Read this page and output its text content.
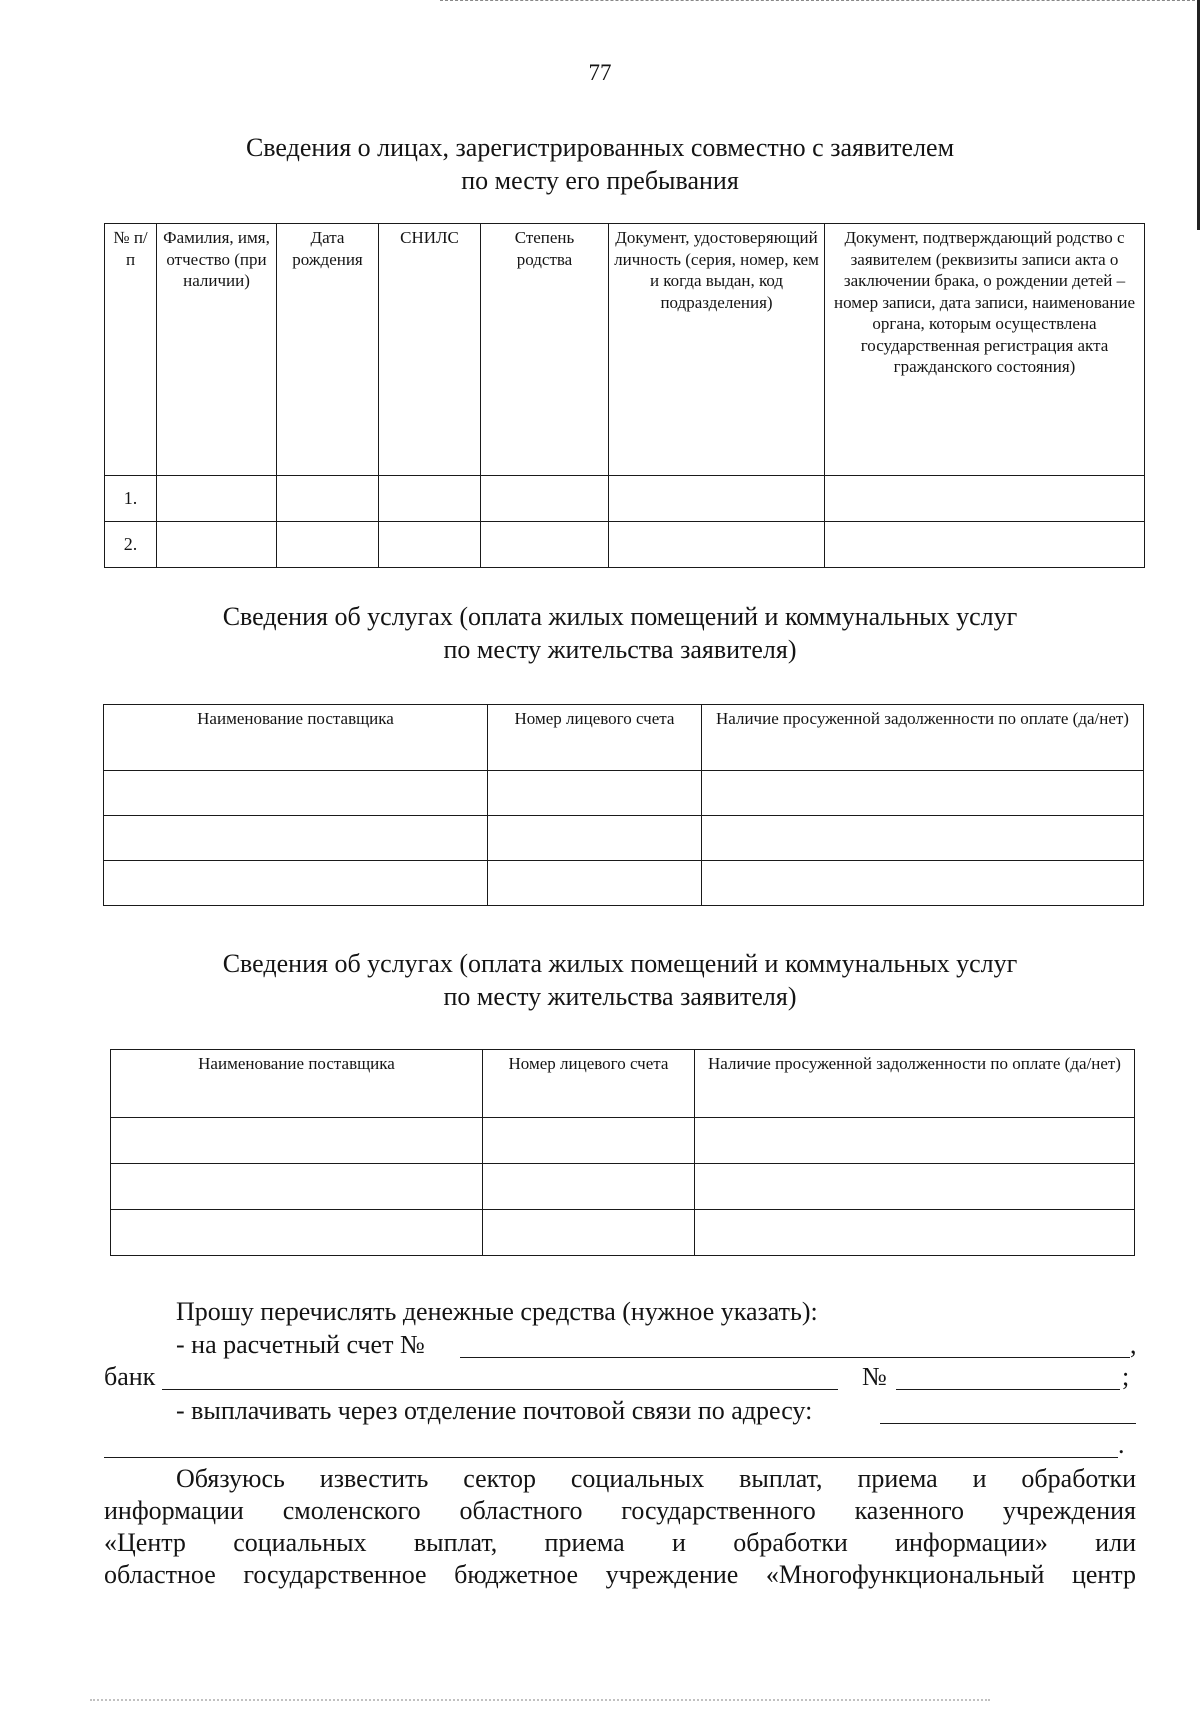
77
Сведения о лицах, зарегистрированных совместно с заявителем
по месту его пребывания
№ п/п	Фамилия, имя, отчество (при наличии)	Дата рождения	СНИЛС	Степень родства	Документ, удостоверяющий личность (серия, номер, кем и когда выдан, код подразделения)	Документ, подтверждающий родство с заявителем (реквизиты записи акта о заключении брака, о рождении детей – номер записи, дата записи, наименование органа, которым осуществлена государственная регистрация акта гражданского состояния)
1.						
2.						
Сведения об услугах (оплата жилых помещений и коммунальных услуг
по месту жительства заявителя)
Наименование поставщика	Номер лицевого счета	Наличие просуженной задолженности по оплате (да/нет)

Сведения об услугах (оплата жилых помещений и коммунальных услуг
по месту жительства заявителя)
Наименование поставщика	Номер лицевого счета	Наличие просуженной задолженности по оплате (да/нет)

Прошу перечислять денежные средства (нужное указать):
- на расчетный счет №	,
банк	№	;
- выплачивать через отделение почтовой связи по адресу:
.
Обязуюсь известить сектор социальных выплат, приема и обработки
информации смоленского областного государственного казенного учреждения
«Центр социальных выплат, приема и обработки информации» или
областное государственное бюджетное учреждение «Многофункциональный центр
